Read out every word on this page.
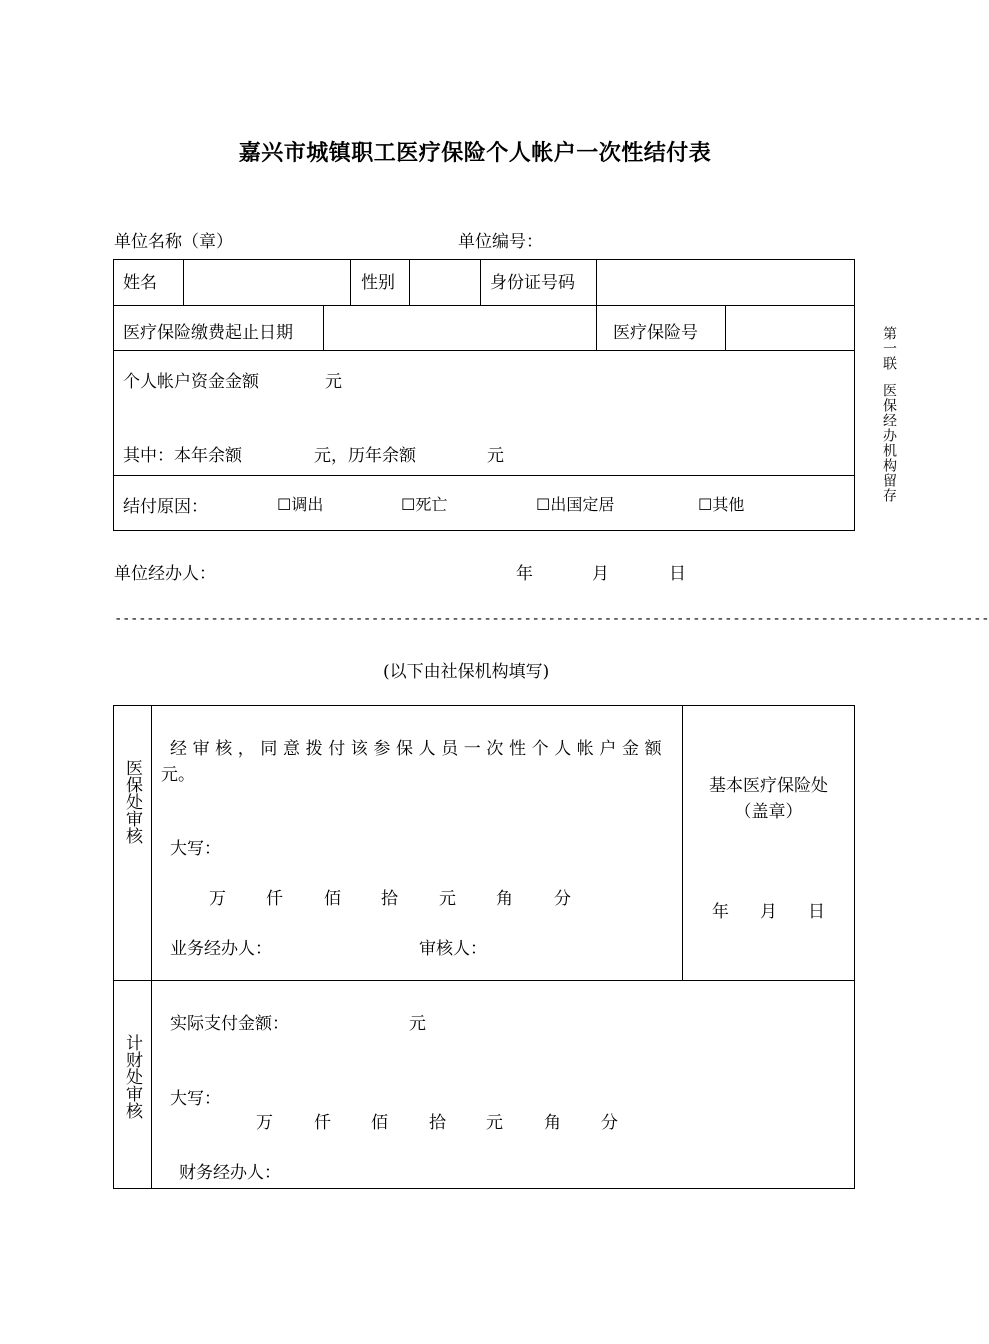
嘉兴市城镇职工医疗保险个人帐户一次性结付表
单位名称（章）	单位编号：
姓名	性别	身份证号码
医疗保险缴费起止日期	医疗保险号
个人帐户资金金额	元
其中：本年余额	元，历年余额	元
结付原因：	☐调出	☐死亡	☐出国定居	☐其他
单位经办人：	年	月	日
-------------------------------------------------------------------------------------------------------------
(以下由社保机构填写)
第一联医保经办机构留存
医保处审核
经审核，同意拨付该参保人员一次性个人帐户金额
元。
大写：
万 仟 佰 拾 元 角 分
业务经办人：	审核人：
基本医疗保险处
（盖章）
年 月 日
计财处审核
实际支付金额：	元
大写：
万 仟 佰 拾 元 角 分
财务经办人：
